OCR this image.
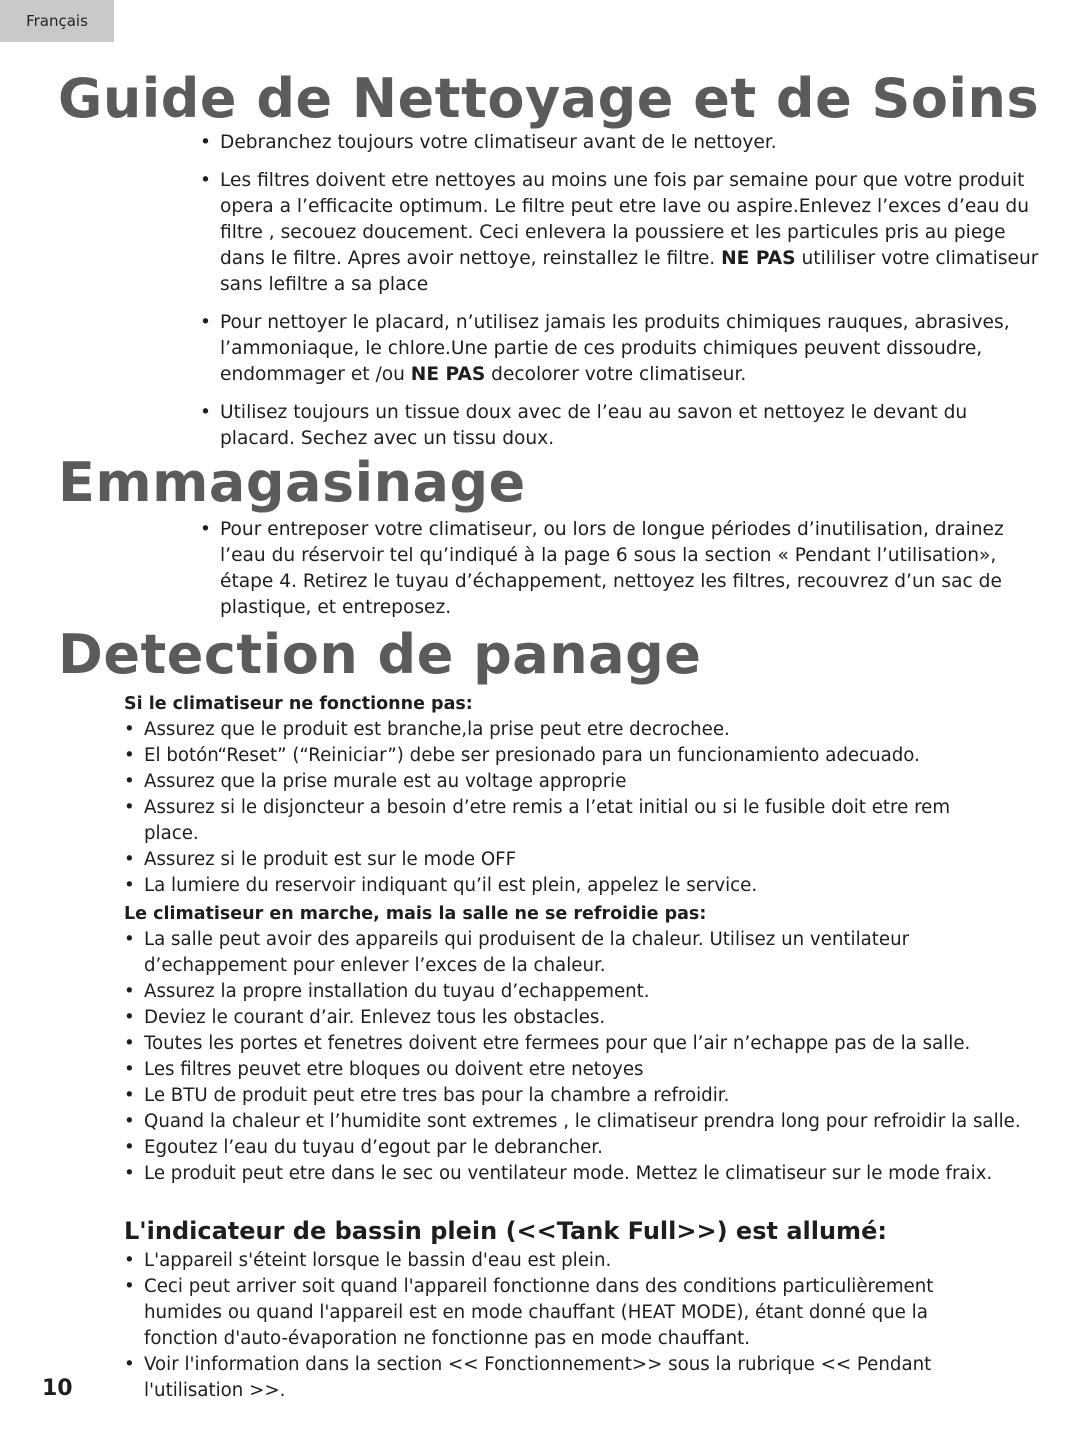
Français
Guide de Nettoyage et de Soins
• Debranchez toujours votre climatiseur avant de le nettoyer.
• Les filtres doivent etre nettoyes au moins une fois par semaine pour que votre produit opera a l’efficacite optimum. Le filtre peut etre lave ou aspire.Enlevez l’exces d’eau du filtre , secouez doucement. Ceci enlevera la poussiere et les particules pris au piege dans le filtre. Apres avoir nettoye, reinstallez le filtre. NE PAS utililiser votre climatiseur sans lefiltre a sa place
• Pour nettoyer le placard, n’utilisez jamais les produits chimiques rauques, abrasives, l’ammoniaque, le chlore.Une partie de ces produits chimiques peuvent dissoudre, endommager et /ou NE PAS decolorer votre climatiseur.
• Utilisez toujours un tissue doux avec de l’eau au savon et nettoyez le devant du placard. Sechez avec un tissu doux.
Emmagasinage
• Pour entreposer votre climatiseur, ou lors de longue périodes d’inutilisation, drainez l’eau du réservoir tel qu’indiqué à la page 6 sous la section « Pendant l’utilisation», étape 4. Retirez le tuyau d’échappement, nettoyez les filtres, recouvrez d’un sac de plastique, et entreposez.
Detection de panage
Si le climatiseur ne fonctionne pas:
• Assurez que le produit est branche,la prise peut etre decrochee.
• El botón“Reset” (“Reiniciar”) debe ser presionado para un funcionamiento adecuado.
• Assurez que la prise murale est au voltage approprie
• Assurez si le disjoncteur a besoin d’etre remis a l’etat initial ou si le fusible doit etre rem place.
• Assurez si le produit est sur le mode OFF
• La lumiere du reservoir indiquant qu’il est plein, appelez le service.
Le climatiseur en marche, mais la salle ne se refroidie pas:
• La salle peut avoir des appareils qui produisent de la chaleur. Utilisez un ventilateur d’echappement pour enlever l’exces de la chaleur.
• Assurez la propre installation du tuyau d’echappement.
• Deviez le courant d’air. Enlevez tous les obstacles.
• Toutes les portes et fenetres doivent etre fermees pour que l’air n’echappe pas de la salle.
• Les filtres peuvet etre bloques ou doivent etre netoyes
• Le BTU de produit peut etre tres bas pour la chambre a refroidir.
• Quand la chaleur et l’humidite sont extremes , le climatiseur prendra long pour refroidir la salle.
• Egoutez l’eau du tuyau d’egout par le debrancher.
• Le produit peut etre dans le sec ou ventilateur mode. Mettez le climatiseur sur le mode fraix.
L'indicateur de bassin plein (<<Tank Full>>) est allumé:
• L'appareil s'éteint lorsque le bassin d'eau est plein.
• Ceci peut arriver soit quand l'appareil fonctionne dans des conditions particulièrement humides ou quand l'appareil est en mode chauffant (HEAT MODE), étant donné que la fonction d'auto-évaporation ne fonctionne pas en mode chauffant.
• Voir l'information dans la section << Fonctionnement>> sous la rubrique << Pendant l'utilisation >>.
10
